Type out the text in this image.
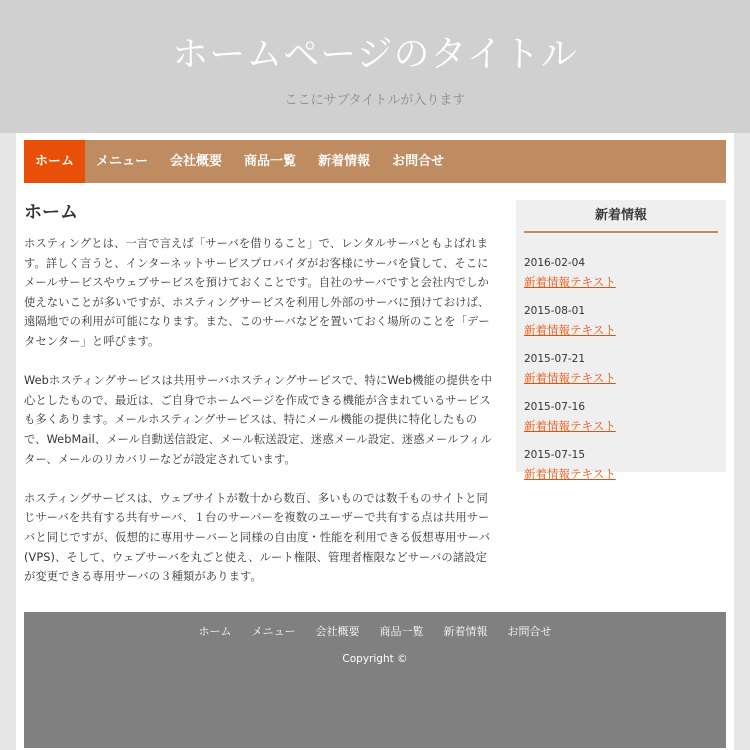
ホームページのタイトル
ここにサブタイトルが入ります
ホーム	メニュー	会社概要	商品一覧	新着情報	お問合せ
ホーム

ホスティングとは、一言で言えば「サーバを借りること」で、レンタルサーバともよばれます。詳しく言うと、インターネットサービスプロバイダがお客様にサーバを貸して、そこにメールサービスやウェブサービスを預けておくことです。自社のサーバですと会社内でしか使えないことが多いですが、ホスティングサービスを利用し外部のサーバに預けておけば、遠隔地での利用が可能になります。また、このサーバなどを置いておく場所のことを「データセンター」と呼びます。

Webホスティングサービスは共用サーバホスティングサービスで、特にWeb機能の提供を中心としたもので、最近は、ご自身でホームページを作成できる機能が含まれているサービスも多くあります。メールホスティングサービスは、特にメール機能の提供に特化したもので、WebMail、メール自動送信設定、メール転送設定、迷惑メール設定、迷惑メールフィルター、メールのリカバリーなどが設定されています。

ホスティングサービスは、ウェブサイトが数十から数百、多いものでは数千ものサイトと同じサーバを共有する共有サーバ、１台のサーバーを複数のユーザーで共有する点は共用サーバと同じですが、仮想的に専用サーバーと同様の自由度・性能を利用できる仮想専用サーバ(VPS)、そして、ウェブサーバを丸ごと使え、ルート権限、管理者権限などサーバの諸設定が変更できる専用サーバの３種類があります。

新着情報
2016-02-04
新着情報テキスト
2015-08-01
新着情報テキスト
2015-07-21
新着情報テキスト
2015-07-16
新着情報テキスト
2015-07-15
新着情報テキスト
ホーム	メニュー	会社概要	商品一覧	新着情報	お問合せ
Copyright ©
